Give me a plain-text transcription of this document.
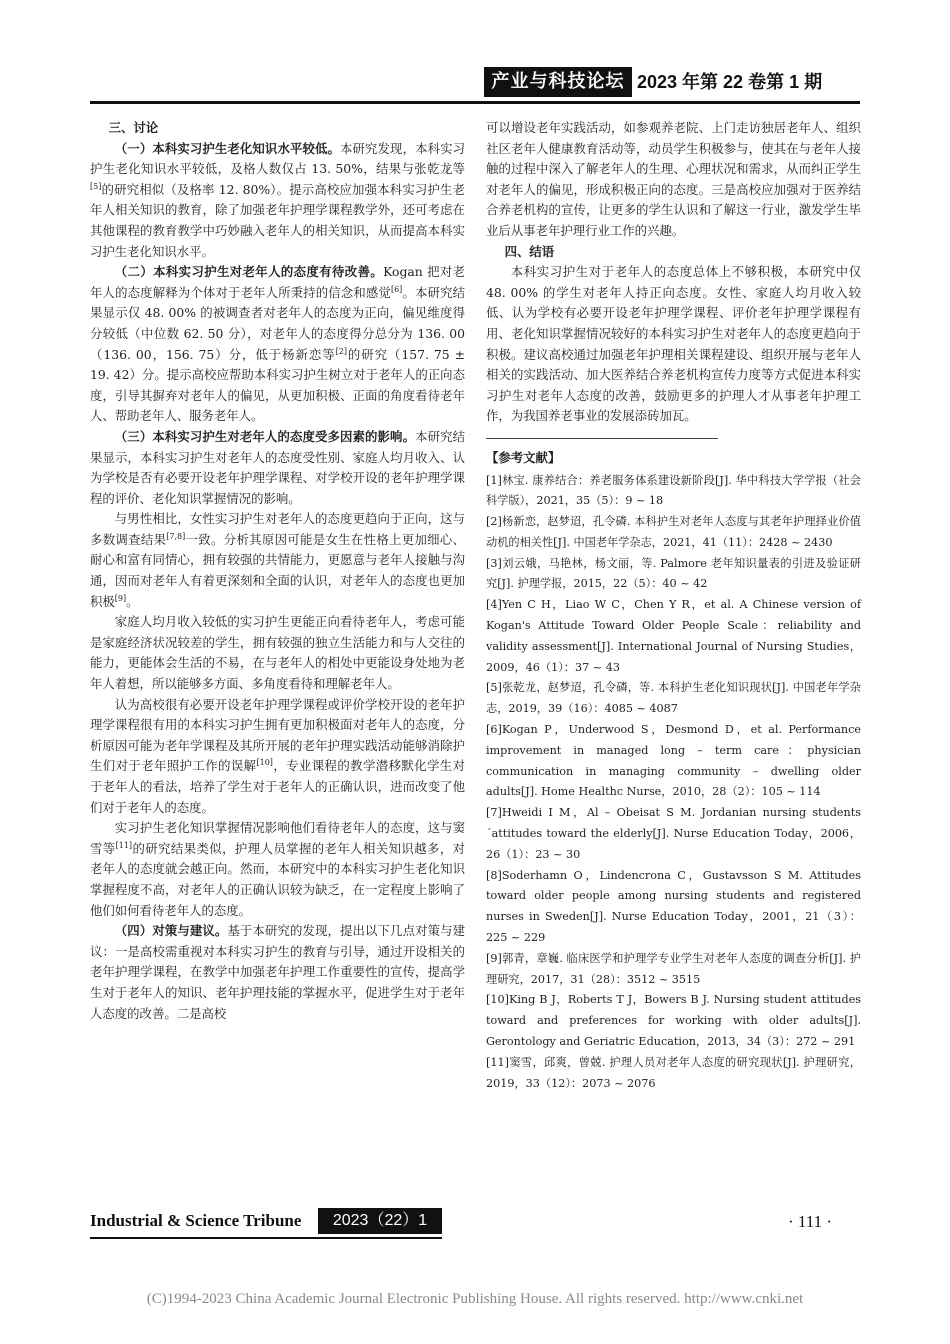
产业与科技论坛 2023 年第 22 卷第 1 期

三、讨论

（一）本科实习护生老化知识水平较低。本研究发现，本科实习护生老化知识水平较低，及格人数仅占 13. 50%，结果与张乾龙等[5]的研究相似（及格率 12. 80%）。提示高校应加强本科实习护生老年人相关知识的教育，除了加强老年护理学课程教学外，还可考虑在其他课程的教育教学中巧妙融入老年人的相关知识，从而提高本科实习护生老化知识水平。

（二）本科实习护生对老年人的态度有待改善。Kogan 把对老年人的态度解释为个体对于老年人所秉持的信念和感觉[6]。本研究结果显示仅 48. 00% 的被调查者对老年人的态度为正向，偏见维度得分较低（中位数 62. 50 分），对老年人的态度得分总分为 136. 00（136. 00，156. 75）分，低于杨新恋等[2]的研究（157. 75 ± 19. 42）分。提示高校应帮助本科实习护生树立对于老年人的正向态度，引导其摒弃对老年人的偏见，从更加积极、正面的角度看待老年人、帮助老年人、服务老年人。

（三）本科实习护生对老年人的态度受多因素的影响。本研究结果显示，本科实习护生对老年人的态度受性别、家庭人均月收入、认为学校是否有必要开设老年护理学课程、对学校开设的老年护理学课程的评价、老化知识掌握情况的影响。

与男性相比，女性实习护生对老年人的态度更趋向于正向，这与多数调查结果[7,8]一致。分析其原因可能是女生在性格上更加细心、耐心和富有同情心，拥有较强的共情能力，更愿意与老年人接触与沟通，因而对老年人有着更深刻和全面的认识，对老年人的态度也更加积极[9]。

家庭人均月收入较低的实习护生更能正向看待老年人，考虑可能是家庭经济状况较差的学生，拥有较强的独立生活能力和与人交往的能力，更能体会生活的不易，在与老年人的相处中更能设身处地为老年人着想，所以能够多方面、多角度看待和理解老年人。

认为高校很有必要开设老年护理学课程或评价学校开设的老年护理学课程很有用的本科实习护生拥有更加积极面对老年人的态度，分析原因可能为老年学课程及其所开展的老年护理实践活动能够消除护生们对于老年照护工作的误解[10]，专业课程的教学潜移默化学生对于老年人的看法，培养了学生对于老年人的正确认识，进而改变了他们对于老年人的态度。

实习护生老化知识掌握情况影响他们看待老年人的态度，这与窦雪等[11]的研究结果类似，护理人员掌握的老年人相关知识越多，对老年人的态度就会越正向。然而，本研究中的本科实习护生老化知识掌握程度不高，对老年人的正确认识较为缺乏，在一定程度上影响了他们如何看待老年人的态度。

（四）对策与建议。基于本研究的发现，提出以下几点对策与建议：一是高校需重视对本科实习护生的教育与引导，通过开设相关的老年护理学课程，在教学中加强老年护理工作重要性的宣传，提高学生对于老年人的知识、老年护理技能的掌握水平，促进学生对于老年人态度的改善。二是高校

可以增设老年实践活动，如参观养老院、上门走访独居老年人、组织社区老年人健康教育活动等，动员学生积极参与，使其在与老年人接触的过程中深入了解老年人的生理、心理状况和需求，从而纠正学生对老年人的偏见，形成积极正向的态度。三是高校应加强对于医养结合养老机构的宣传，让更多的学生认识和了解这一行业，激发学生毕业后从事老年护理行业工作的兴趣。

四、结语

本科实习护生对于老年人的态度总体上不够积极，本研究中仅 48. 00% 的学生对老年人持正向态度。女性、家庭人均月收入较低、认为学校有必要开设老年护理学课程、评价老年护理学课程有用、老化知识掌握情况较好的本科实习护生对老年人的态度更趋向于积极。建议高校通过加强老年护理相关课程建设、组织开展与老年人相关的实践活动、加大医养结合养老机构宣传力度等方式促进本科实习护生对老年人态度的改善，鼓励更多的护理人才从事老年护理工作，为我国养老事业的发展添砖加瓦。

【参考文献】

[1]林宝. 康养结合：养老服务体系建设新阶段[J]. 华中科技大学学报（社会科学版），2021，35（5）：9 ~ 18

[2]杨新恋，赵梦迢，孔令磷. 本科护生对老年人态度与其老年护理择业价值动机的相关性[J]. 中国老年学杂志，2021，41（11）：2428 ~ 2430

[3]刘云娥，马艳林，杨文丽，等. Palmore 老年知识量表的引进及验证研究[J]. 护理学报，2015，22（5）：40 ~ 42

[4]Yen C H，Liao W C，Chen Y R，et al. A Chinese version of Kogan's Attitude Toward Older People Scale：reliability and validity assessment[J]. International Journal of Nursing Studies，2009，46（1）：37 ~ 43

[5]张乾龙，赵梦迢，孔令磷，等. 本科护生老化知识现状[J]. 中国老年学杂志，2019，39（16）：4085 ~ 4087

[6]Kogan P，Underwood S，Desmond D，et al. Performance improvement in managed long – term care：physician communication in managing community – dwelling older adults[J]. Home Healthc Nurse，2010，28（2）：105 ~ 114

[7]Hweidi I M，Al – Obeisat S M. Jordanian nursing students´attitudes toward the elderly[J]. Nurse Education Today，2006，26（1）：23 ~ 30

[8]Soderhamn O，Lindencrona C，Gustavsson S M. Attitudes toward older people among nursing students and registered nurses in Sweden[J]. Nurse Education Today，2001，21（3）：225 ~ 229

[9]郭青，章巍. 临床医学和护理学专业学生对老年人态度的调查分析[J]. 护理研究，2017，31（28）：3512 ~ 3515

[10]King B J，Roberts T J，Bowers B J. Nursing student attitudes toward and preferences for working with older adults[J]. Gerontology and Geriatric Education，2013，34（3）：272 ~ 291

[11]窦雪，邱爽，曾兢. 护理人员对老年人态度的研究现状[J]. 护理研究，2019，33（12）：2073 ~ 2076

Industrial & Science Tribune	2023（22）1	· 111 ·
(C)1994-2023 China Academic Journal Electronic Publishing House. All rights reserved. http://www.cnki.net
